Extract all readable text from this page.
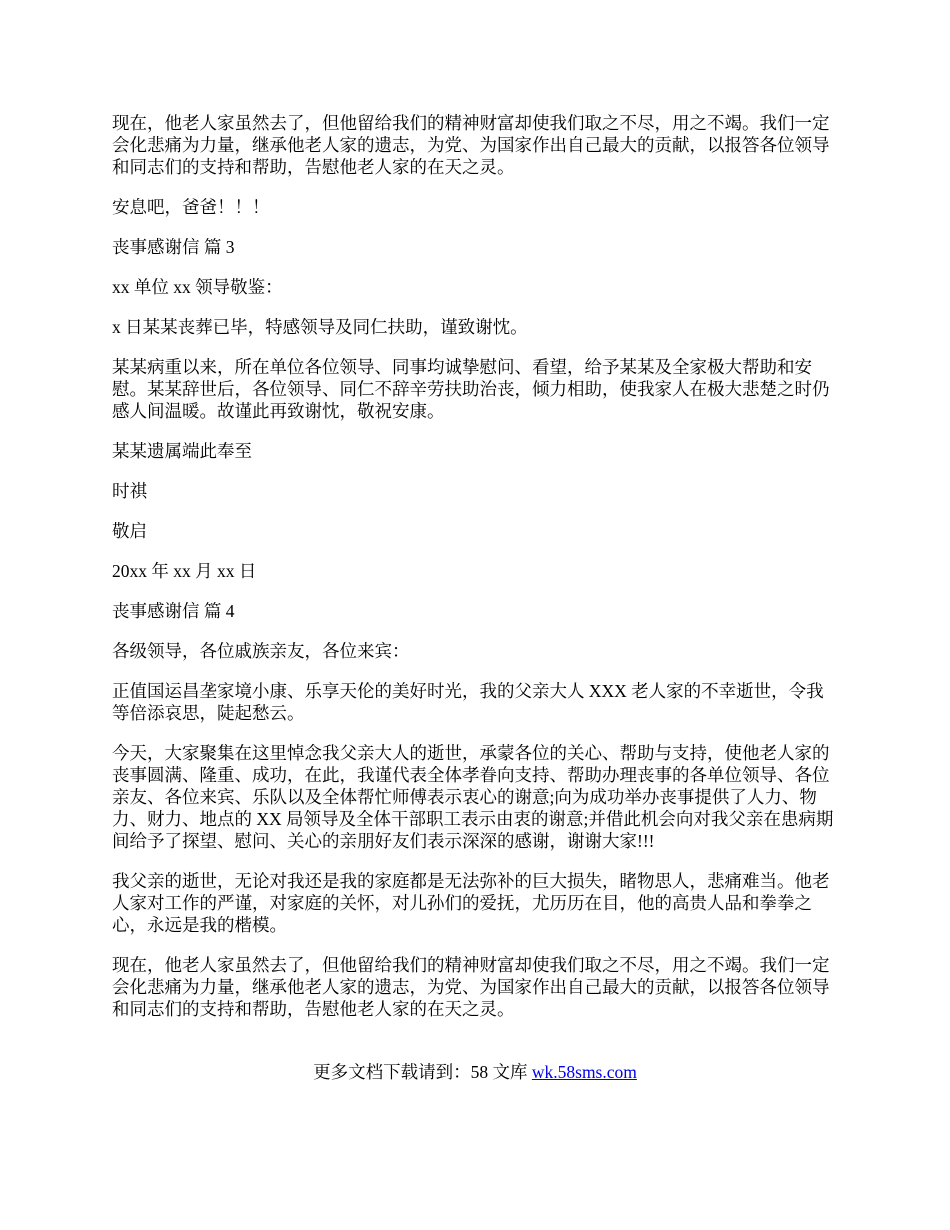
现在，他老人家虽然去了，但他留给我们的精神财富却使我们取之不尽，用之不竭。我们一定会化悲痛为力量，继承他老人家的遗志，为党、为国家作出自己最大的贡献，以报答各位领导和同志们的支持和帮助，告慰他老人家的在天之灵。

安息吧，爸爸！！！

丧事感谢信 篇 3

xx 单位 xx 领导敬鉴：

x 日某某丧葬已毕，特感领导及同仁扶助，谨致谢忱。

某某病重以来，所在单位各位领导、同事均诚挚慰问、看望，给予某某及全家极大帮助和安慰。某某辞世后，各位领导、同仁不辞辛劳扶助治丧，倾力相助，使我家人在极大悲楚之时仍感人间温暖。故谨此再致谢忱，敬祝安康。

某某遗属端此奉至

时祺

敬启

20xx 年 xx 月 xx 日

丧事感谢信 篇 4

各级领导，各位戚族亲友，各位来宾：

正值国运昌垄家境小康、乐享天伦的美好时光，我的父亲大人 XXX 老人家的不幸逝世，令我等倍添哀思，陡起愁云。

今天，大家聚集在这里悼念我父亲大人的逝世，承蒙各位的关心、帮助与支持，使他老人家的丧事圆满、隆重、成功，在此，我谨代表全体孝眷向支持、帮助办理丧事的各单位领导、各位亲友、各位来宾、乐队以及全体帮忙师傅表示衷心的谢意;向为成功举办丧事提供了人力、物力、财力、地点的 XX 局领导及全体干部职工表示由衷的谢意;并借此机会向对我父亲在患病期间给予了探望、慰问、关心的亲朋好友们表示深深的感谢，谢谢大家!!!

我父亲的逝世，无论对我还是我的家庭都是无法弥补的巨大损失，睹物思人，悲痛难当。他老人家对工作的严谨，对家庭的关怀，对儿孙们的爱抚，尤历历在目，他的高贵人品和拳拳之心，永远是我的楷模。

现在，他老人家虽然去了，但他留给我们的精神财富却使我们取之不尽，用之不竭。我们一定会化悲痛为力量，继承他老人家的遗志，为党、为国家作出自己最大的贡献，以报答各位领导和同志们的支持和帮助，告慰他老人家的在天之灵。

更多文档下载请到：58 文库 wk.58sms.com
